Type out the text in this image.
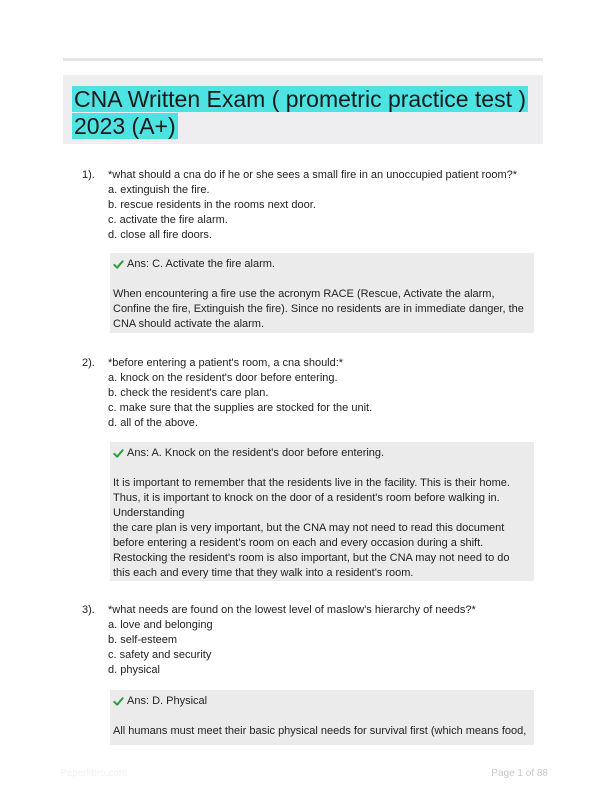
CNA Written Exam ( prometric practice test ) 2023 (A+)
1). *what should a cna do if he or she sees a small fire in an unoccupied patient room?*
a. extinguish the fire.
b. rescue residents in the rooms next door.
c. activate the fire alarm.
d. close all fire doors.
Ans: C. Activate the fire alarm.

When encountering a fire use the acronym RACE (Rescue, Activate the alarm, Confine the fire, Extinguish the fire). Since no residents are in immediate danger, the CNA should activate the alarm.

2). *before entering a patient's room, a cna should:*
a. knock on the resident's door before entering.
b. check the resident's care plan.
c. make sure that the supplies are stocked for the unit.
d. all of the above.
Ans: A. Knock on the resident's door before entering.

It is important to remember that the residents live in the facility. This is their home. Thus, it is important to knock on the door of a resident's room before walking in. Understanding

the care plan is very important, but the CNA may not need to read this document before entering a resident's room on each and every occasion during a shift. Restocking the resident's room is also important, but the CNA may not need to do this each and every time that they walk into a resident's room.

3). *what needs are found on the lowest level of maslow's hierarchy of needs?*
a. love and belonging
b. self-esteem
c. safety and security
d. physical
Ans: D. Physical

All humans must meet their basic physical needs for survival first (which means food,

Paperlibro.com	Page 1 of 88
